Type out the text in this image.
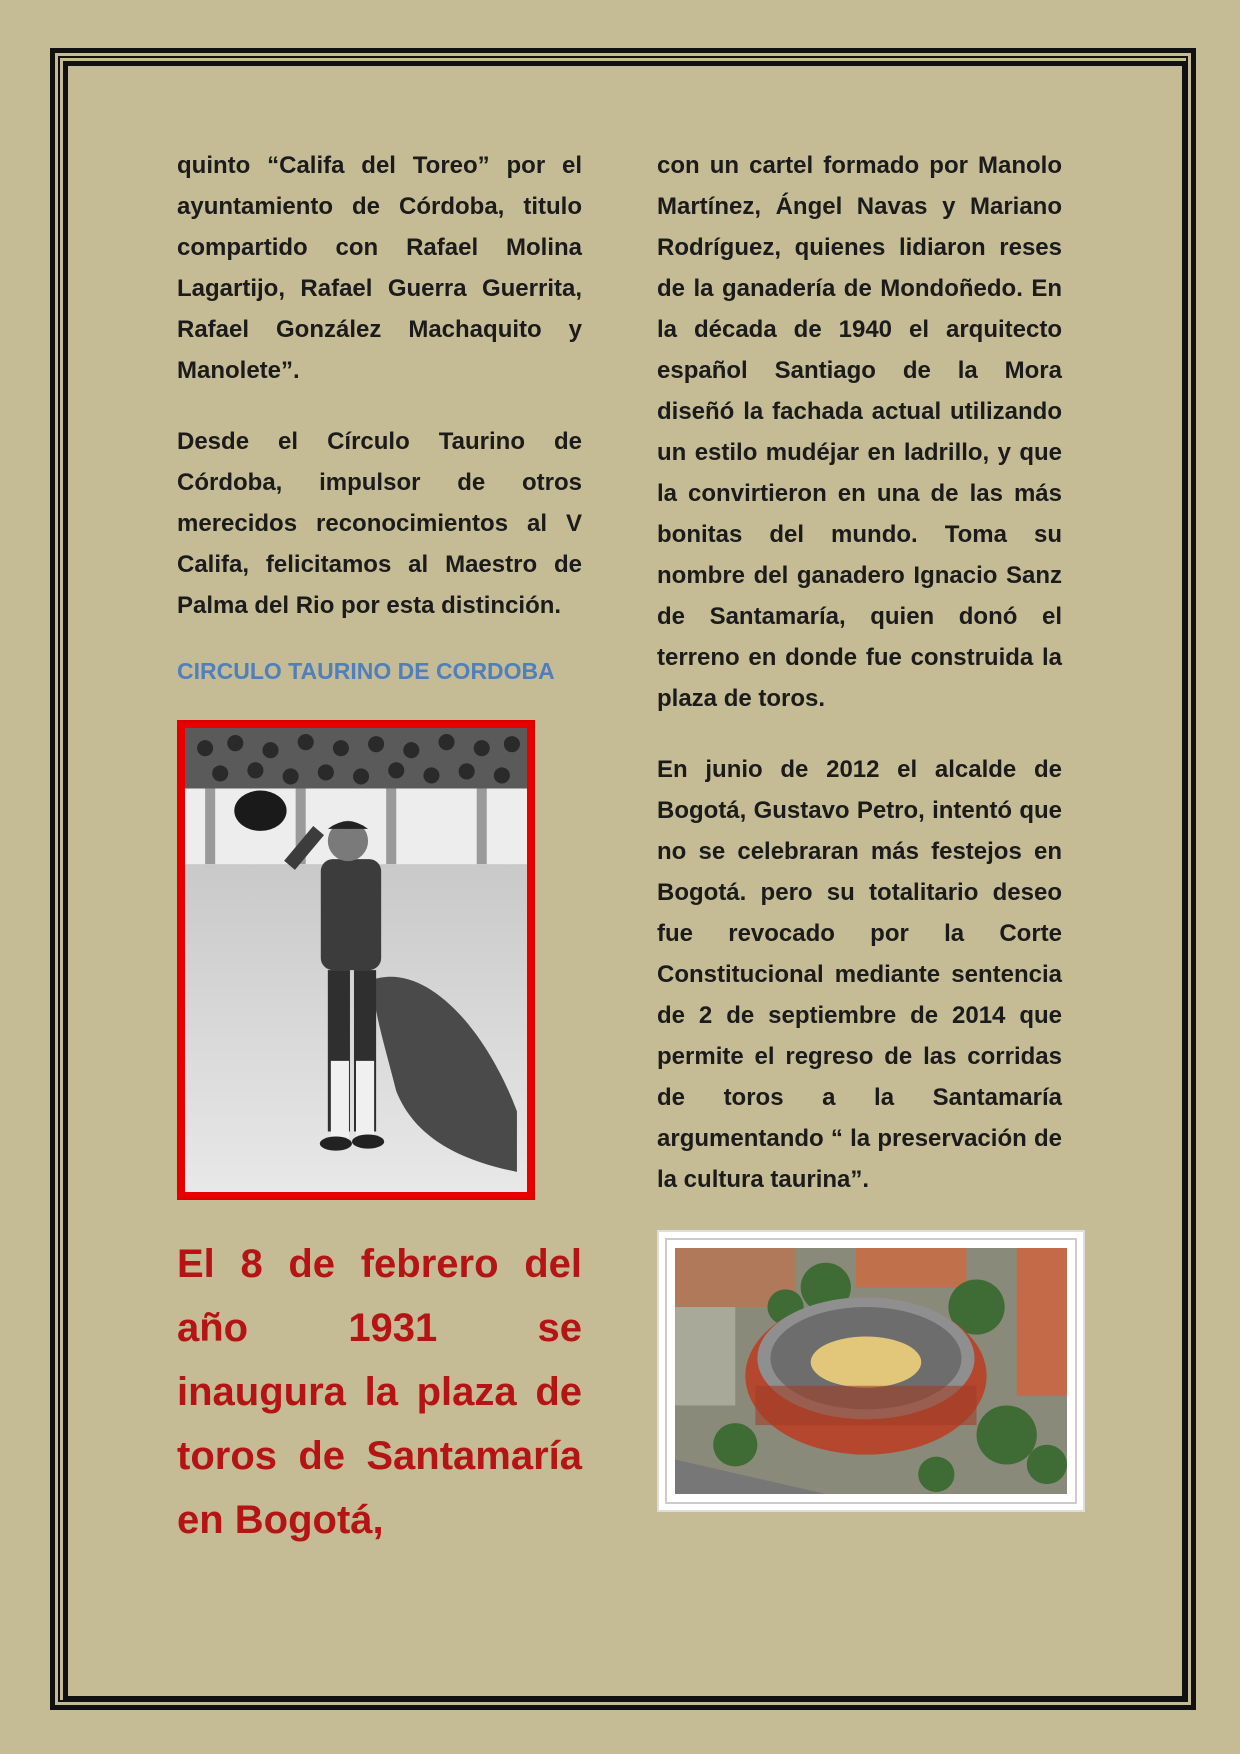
quinto “Califa del Toreo” por el ayuntamiento de Córdoba, titulo compartido con Rafael Molina Lagartijo, Rafael Guerra Guerrita, Rafael González Machaquito y Manolete”.

Desde el Círculo Taurino de Córdoba, impulsor de otros merecidos reconocimientos al V Califa, felicitamos al Maestro de Palma del Rio por esta distinción.

CIRCULO TAURINO DE CORDOBA

El 8 de febrero del año 1931 se inaugura la plaza de toros de Santamaría en Bogotá,

con un cartel formado por Manolo Martínez, Ángel Navas y Mariano Rodríguez, quienes lidiaron reses de la ganadería de Mondoñedo. En la década de 1940 el arquitecto español Santiago de la Mora diseñó la fachada actual utilizando un estilo mudéjar en ladrillo, y que la convirtieron en una de las más bonitas del mundo. Toma su nombre del ganadero Ignacio Sanz de Santamaría, quien donó el terreno en donde fue construida la plaza de toros.

En junio de 2012 el alcalde de Bogotá, Gustavo Petro, intentó que no se celebraran más festejos en Bogotá. pero su totalitario deseo fue revocado por la Corte Constitucional mediante sentencia de 2 de septiembre de 2014 que permite el regreso de las corridas de toros a la Santamaría argumentando “ la preservación de la cultura taurina”.
